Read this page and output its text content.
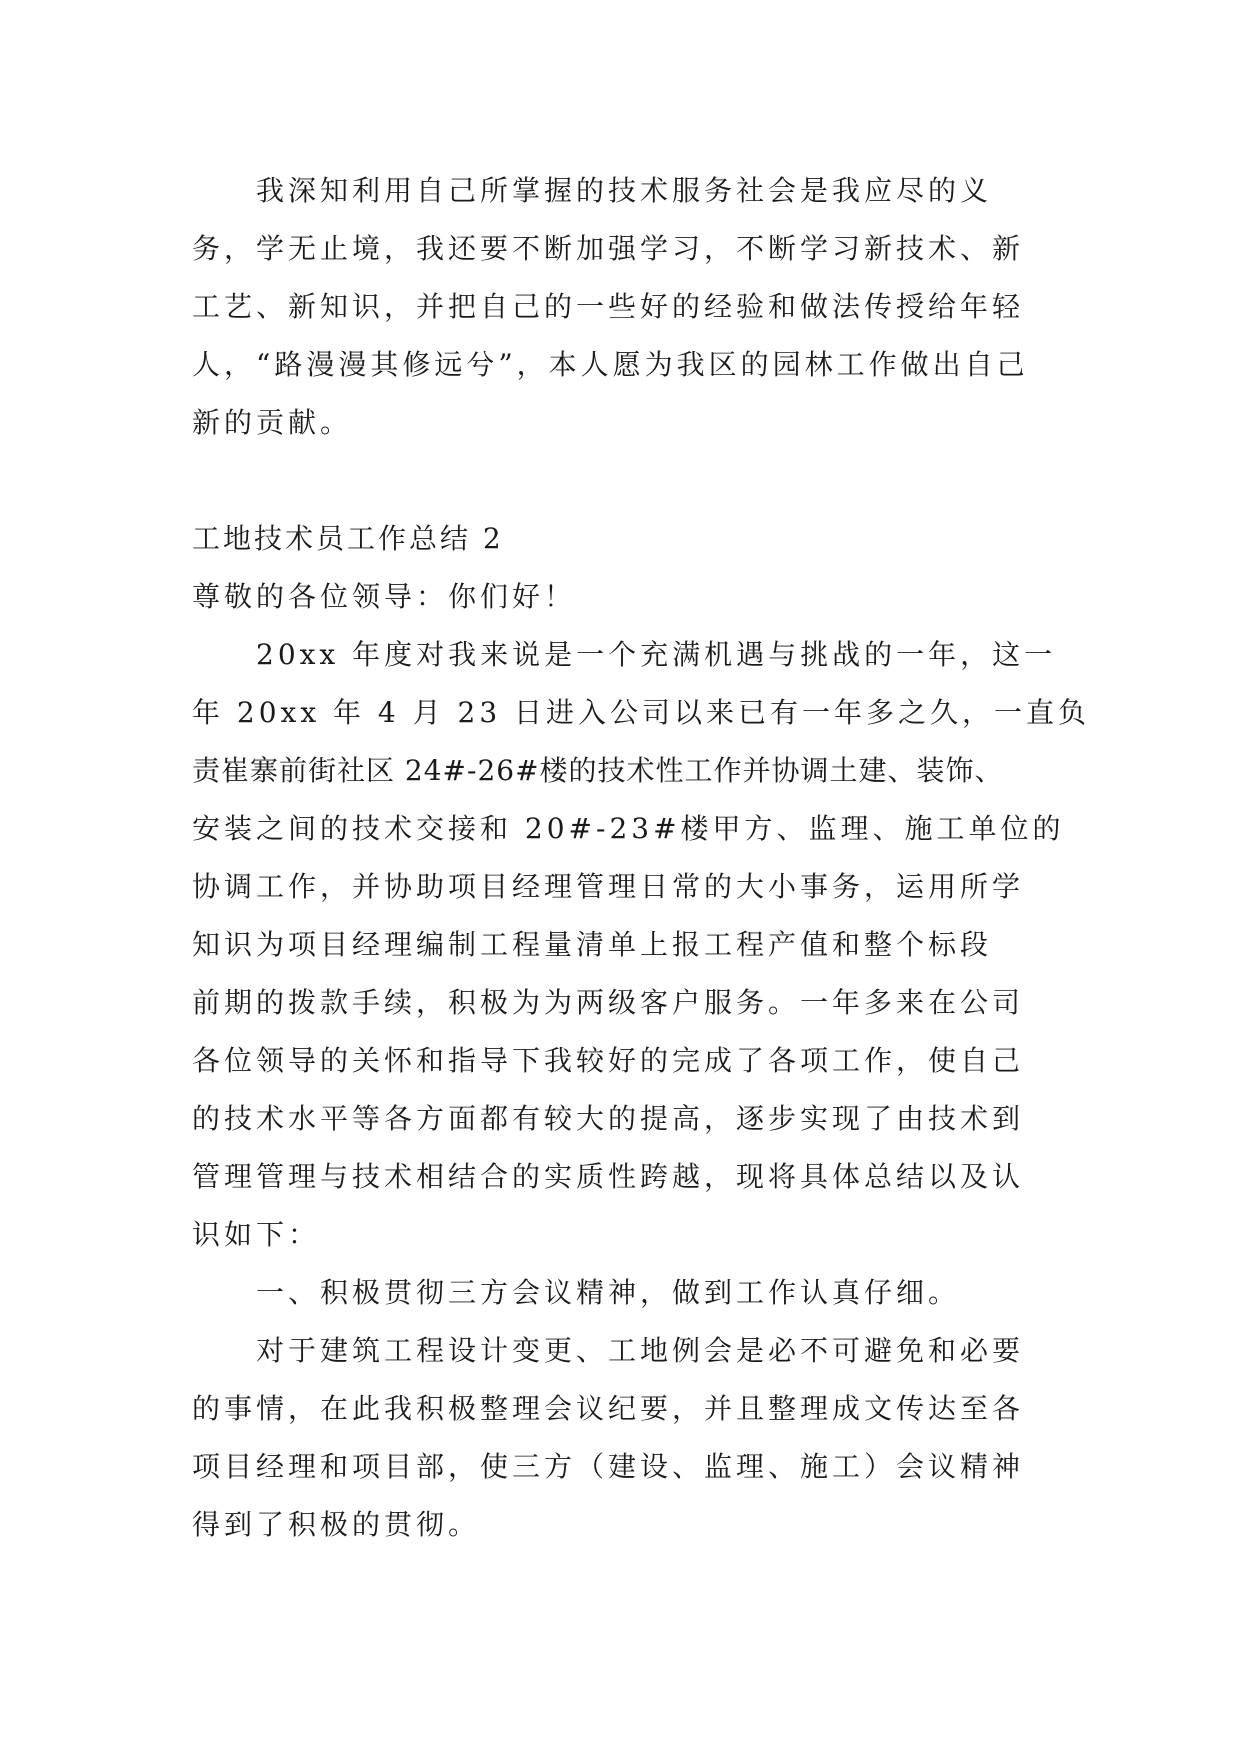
我深知利用自己所掌握的技术服务社会是我应尽的义
务，学无止境，我还要不断加强学习，不断学习新技术、新
工艺、新知识，并把自己的一些好的经验和做法传授给年轻
人，“路漫漫其修远兮”，本人愿为我区的园林工作做出自己
新的贡献。
工地技术员工作总结 2
尊敬的各位领导：你们好！
20xx 年度对我来说是一个充满机遇与挑战的一年，这一
年 20xx 年 4 月 23 日进入公司以来已有一年多之久，一直负
责崔寨前街社区 24#-26#楼的技术性工作并协调土建、装饰、
安装之间的技术交接和 20#-23#楼甲方、监理、施工单位的
协调工作，并协助项目经理管理日常的大小事务，运用所学
知识为项目经理编制工程量清单上报工程产值和整个标段
前期的拨款手续，积极为为两级客户服务。一年多来在公司
各位领导的关怀和指导下我较好的完成了各项工作，使自己
的技术水平等各方面都有较大的提高，逐步实现了由技术到
管理管理与技术相结合的实质性跨越，现将具体总结以及认
识如下：
一、积极贯彻三方会议精神，做到工作认真仔细。
对于建筑工程设计变更、工地例会是必不可避免和必要
的事情，在此我积极整理会议纪要，并且整理成文传达至各
项目经理和项目部，使三方（建设、监理、施工）会议精神
得到了积极的贯彻。
